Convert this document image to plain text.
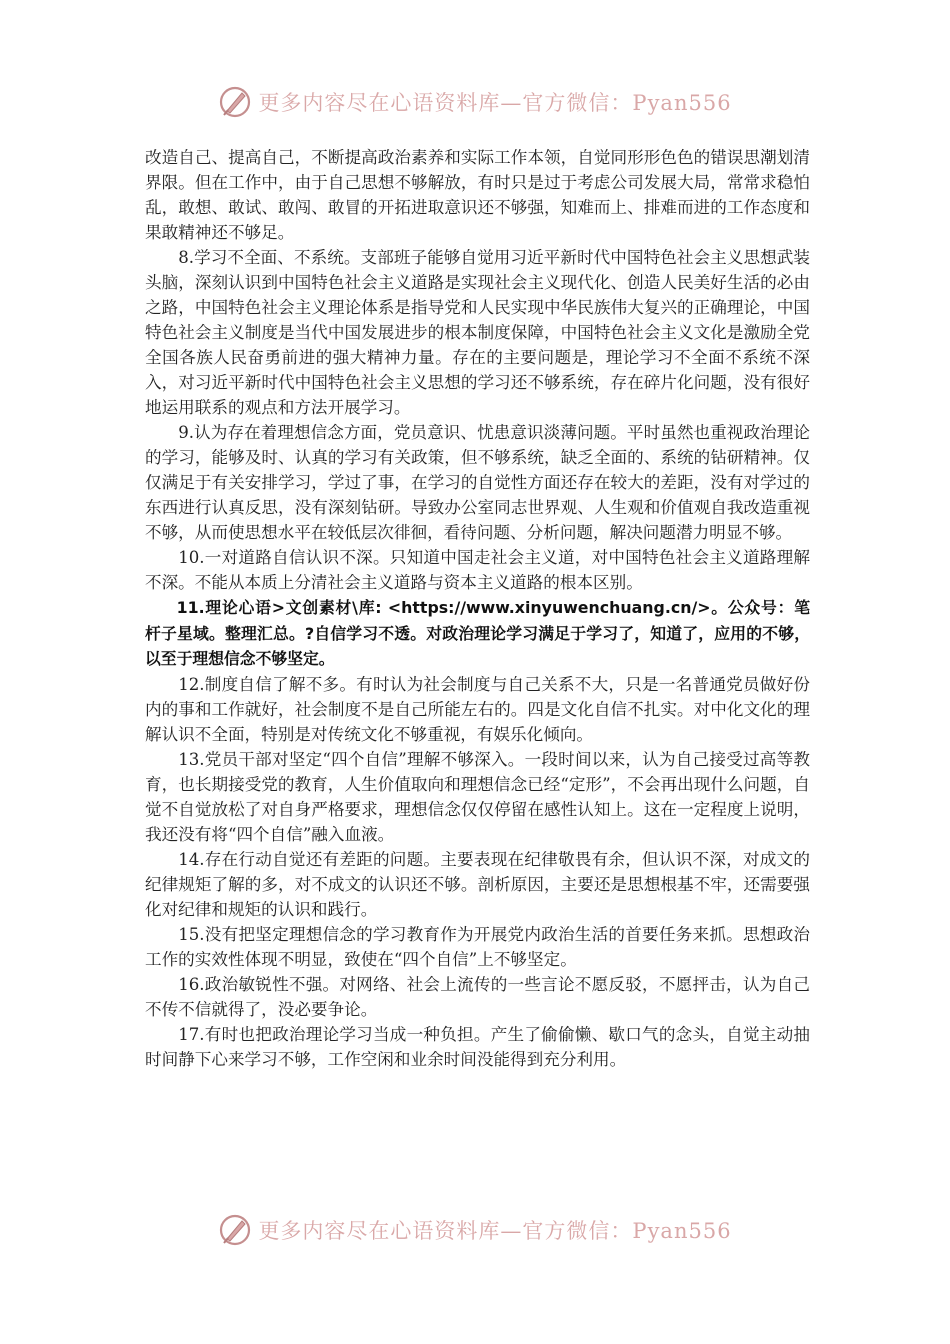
更多内容尽在心语资料库—官方微信：Pyan556

改造自己、提高自己，不断提高政治素养和实际工作本领，自觉同形形色色的错误思潮划清界限。但在工作中，由于自己思想不够解放，有时只是过于考虑公司发展大局，常常求稳怕乱，敢想、敢试、敢闯、敢冒的开拓进取意识还不够强，知难而上、排难而进的工作态度和果敢精神还不够足。

8.学习不全面、不系统。支部班子能够自觉用习近平新时代中国特色社会主义思想武装头脑，深刻认识到中国特色社会主义道路是实现社会主义现代化、创造人民美好生活的必由之路，中国特色社会主义理论体系是指导党和人民实现中华民族伟大复兴的正确理论，中国特色社会主义制度是当代中国发展进步的根本制度保障，中国特色社会主义文化是激励全党全国各族人民奋勇前进的强大精神力量。存在的主要问题是，理论学习不全面不系统不深入，对习近平新时代中国特色社会主义思想的学习还不够系统，存在碎片化问题，没有很好地运用联系的观点和方法开展学习。

9.认为存在着理想信念方面，党员意识、忧患意识淡薄问题。平时虽然也重视政治理论的学习，能够及时、认真的学习有关政策，但不够系统，缺乏全面的、系统的钻研精神。仅仅满足于有关安排学习，学过了事，在学习的自觉性方面还存在较大的差距，没有对学过的东西进行认真反思，没有深刻钻研。导致办公室同志世界观、人生观和价值观自我改造重视不够，从而使思想水平在较低层次徘徊，看待问题、分析问题，解决问题潜力明显不够。

10.一对道路自信认识不深。只知道中国走社会主义道，对中国特色社会主义道路理解不深。不能从本质上分清社会主义道路与资本主义道路的根本区别。

11.理论心语>文创素材\库: <https://www.xinyuwenchuang.cn/>。公众号：笔杆子星域。整理汇总。?自信学习不透。对政治理论学习满足于学习了，知道了，应用的不够，以至于理想信念不够坚定。

12.制度自信了解不多。有时认为社会制度与自己关系不大，只是一名普通党员做好份内的事和工作就好，社会制度不是自己所能左右的。四是文化自信不扎实。对中化文化的理解认识不全面，特别是对传统文化不够重视，有娱乐化倾向。

13.党员干部对坚定“四个自信”理解不够深入。一段时间以来，认为自己接受过高等教育，也长期接受党的教育，人生价值取向和理想信念已经“定形”，不会再出现什么问题，自觉不自觉放松了对自身严格要求，理想信念仅仅停留在感性认知上。这在一定程度上说明，我还没有将“四个自信”融入血液。

14.存在行动自觉还有差距的问题。主要表现在纪律敬畏有余，但认识不深，对成文的纪律规矩了解的多，对不成文的认识还不够。剖析原因，主要还是思想根基不牢，还需要强化对纪律和规矩的认识和践行。

15.没有把坚定理想信念的学习教育作为开展党内政治生活的首要任务来抓。思想政治工作的实效性体现不明显，致使在“四个自信”上不够坚定。

16.政治敏锐性不强。对网络、社会上流传的一些言论不愿反驳，不愿抨击，认为自己不传不信就得了，没必要争论。

17.有时也把政治理论学习当成一种负担。产生了偷偷懒、歇口气的念头，自觉主动抽时间静下心来学习不够，工作空闲和业余时间没能得到充分利用。

更多内容尽在心语资料库—官方微信：Pyan556
